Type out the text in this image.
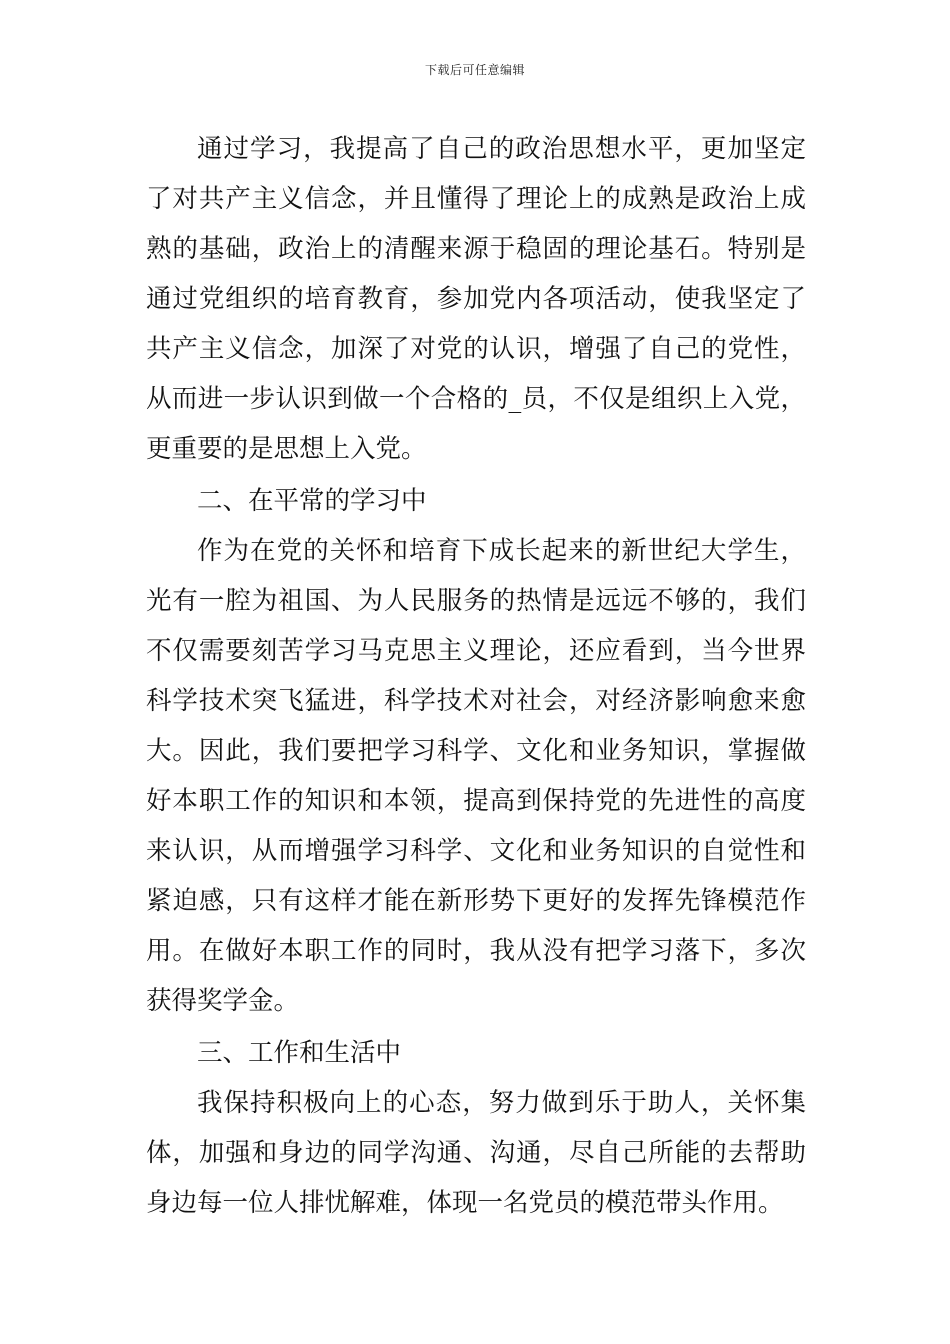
下载后可任意编辑

通过学习，我提高了自己的政治思想水平，更加坚定了对共产主义信念，并且懂得了理论上的成熟是政治上成熟的基础，政治上的清醒来源于稳固的理论基石。特别是通过党组织的培育教育，参加党内各项活动，使我坚定了共产主义信念，加深了对党的认识，增强了自己的党性，从而进一步认识到做一个合格的_员，不仅是组织上入党，更重要的是思想上入党。

二、在平常的学习中

作为在党的关怀和培育下成长起来的新世纪大学生，光有一腔为祖国、为人民服务的热情是远远不够的，我们不仅需要刻苦学习马克思主义理论，还应看到，当今世界科学技术突飞猛进，科学技术对社会，对经济影响愈来愈大。因此，我们要把学习科学、文化和业务知识，掌握做好本职工作的知识和本领，提高到保持党的先进性的高度来认识，从而增强学习科学、文化和业务知识的自觉性和紧迫感，只有这样才能在新形势下更好的发挥先锋模范作用。在做好本职工作的同时，我从没有把学习落下，多次获得奖学金。

三、工作和生活中

我保持积极向上的心态，努力做到乐于助人，关怀集体，加强和身边的同学沟通、沟通，尽自己所能的去帮助身边每一位人排忧解难，体现一名党员的模范带头作用。
